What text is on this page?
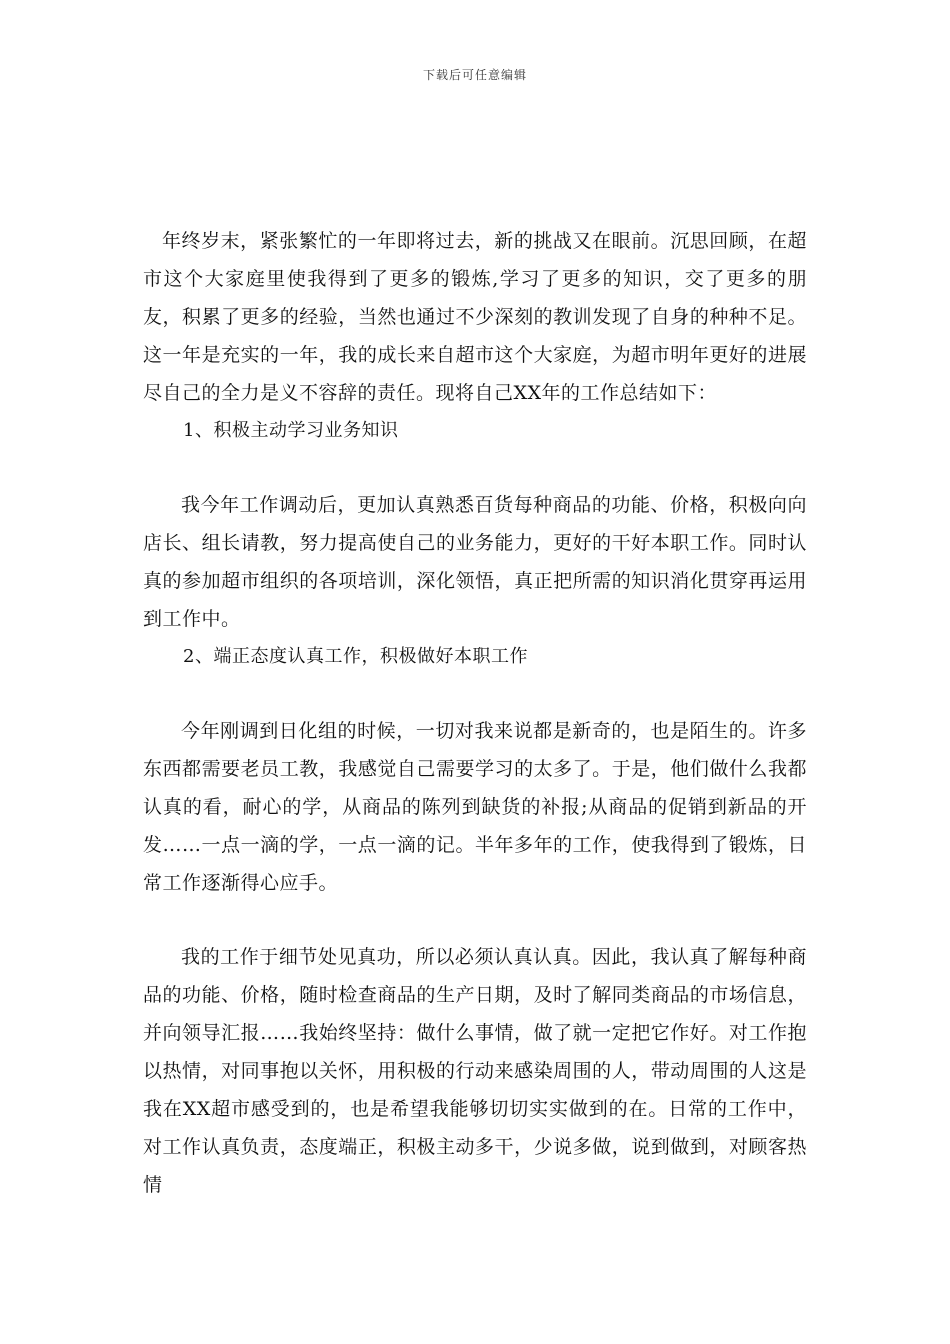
下载后可任意编辑

年终岁末，紧张繁忙的一年即将过去，新的挑战又在眼前。沉思回顾，在超市这个大家庭里使我得到了更多的锻炼,学习了更多的知识，交了更多的朋友，积累了更多的经验，当然也通过不少深刻的教训发现了自身的种种不足。这一年是充实的一年，我的成长来自超市这个大家庭，为超市明年更好的进展尽自己的全力是义不容辞的责任。现将自己XX年的工作总结如下：

1、积极主动学习业务知识

我今年工作调动后，更加认真熟悉百货每种商品的功能、价格，积极向向店长、组长请教，努力提高使自己的业务能力，更好的干好本职工作。同时认真的参加超市组织的各项培训，深化领悟，真正把所需的知识消化贯穿再运用到工作中。

2、端正态度认真工作，积极做好本职工作

今年刚调到日化组的时候，一切对我来说都是新奇的，也是陌生的。许多东西都需要老员工教，我感觉自己需要学习的太多了。于是，他们做什么我都认真的看，耐心的学，从商品的陈列到缺货的补报;从商品的促销到新品的开发……一点一滴的学，一点一滴的记。半年多年的工作，使我得到了锻炼，日常工作逐渐得心应手。

我的工作于细节处见真功，所以必须认真认真。因此，我认真了解每种商品的功能、价格，随时检查商品的生产日期，及时了解同类商品的市场信息，并向领导汇报……我始终坚持：做什么事情，做了就一定把它作好。对工作抱以热情，对同事抱以关怀，用积极的行动来感染周围的人，带动周围的人这是我在XX超市感受到的，也是希望我能够切切实实做到的在。日常的工作中，对工作认真负责，态度端正，积极主动多干，少说多做，说到做到，对顾客热情
